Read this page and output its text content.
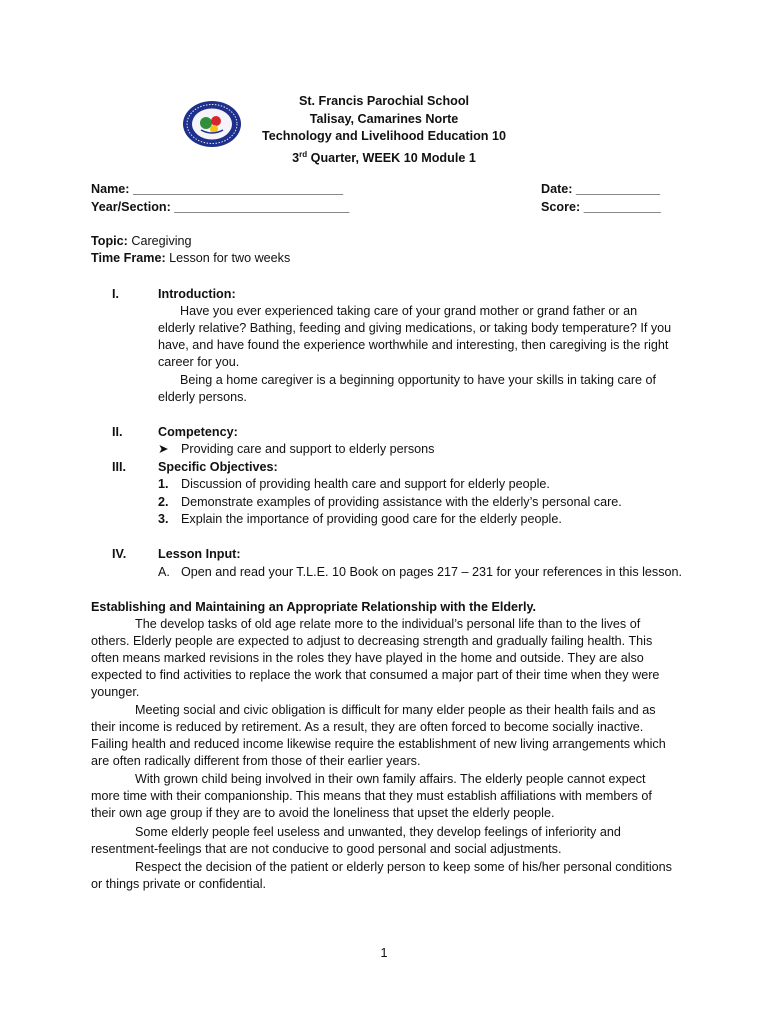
St. Francis Parochial School
Talisay, Camarines Norte
Technology and Livelihood Education 10
3rd Quarter, WEEK 10 Module 1
Name: ______________________________	Date: ____________
Year/Section: _________________________	Score: ___________
Topic: Caregiving
Time Frame: Lesson for two weeks
I.	Introduction:
Have you ever experienced taking care of your grand mother or grand father or an elderly relative? Bathing, feeding and giving medications, or taking body temperature? If you have, and have found the experience worthwhile and interesting, then caregiving is the right career for you.
Being a home caregiver is a beginning opportunity to have your skills in taking care of elderly persons.
II.	Competency:
➤ Providing care and support to elderly persons
III.	Specific Objectives:
1. Discussion of providing health care and support for elderly people.
2. Demonstrate examples of providing assistance with the elderly’s personal care.
3. Explain the importance of providing good care for the elderly people.
IV.	Lesson Input:
A. Open and read your T.L.E. 10 Book on pages 217 – 231 for your references in this lesson.
Establishing and Maintaining an Appropriate Relationship with the Elderly.
The develop tasks of old age relate more to the individual’s personal life than to the lives of others. Elderly people are expected to adjust to decreasing strength and gradually failing health. This often means marked revisions in the roles they have played in the home and outside. They are also expected to find activities to replace the work that consumed a major part of their time when they were younger.
Meeting social and civic obligation is difficult for many elder people as their health fails and as their income is reduced by retirement. As a result, they are often forced to become socially inactive. Failing health and reduced income likewise require the establishment of new living arrangements which are often radically different from those of their earlier years.
With grown child being involved in their own family affairs. The elderly people cannot expect more time with their companionship. This means that they must establish affiliations with members of their own age group if they are to avoid the loneliness that upset the elderly people.
Some elderly people feel useless and unwanted, they develop feelings of inferiority and resentment-feelings that are not conducive to good personal and social adjustments.
Respect the decision of the patient or elderly person to keep some of his/her personal conditions or things private or confidential.
1
